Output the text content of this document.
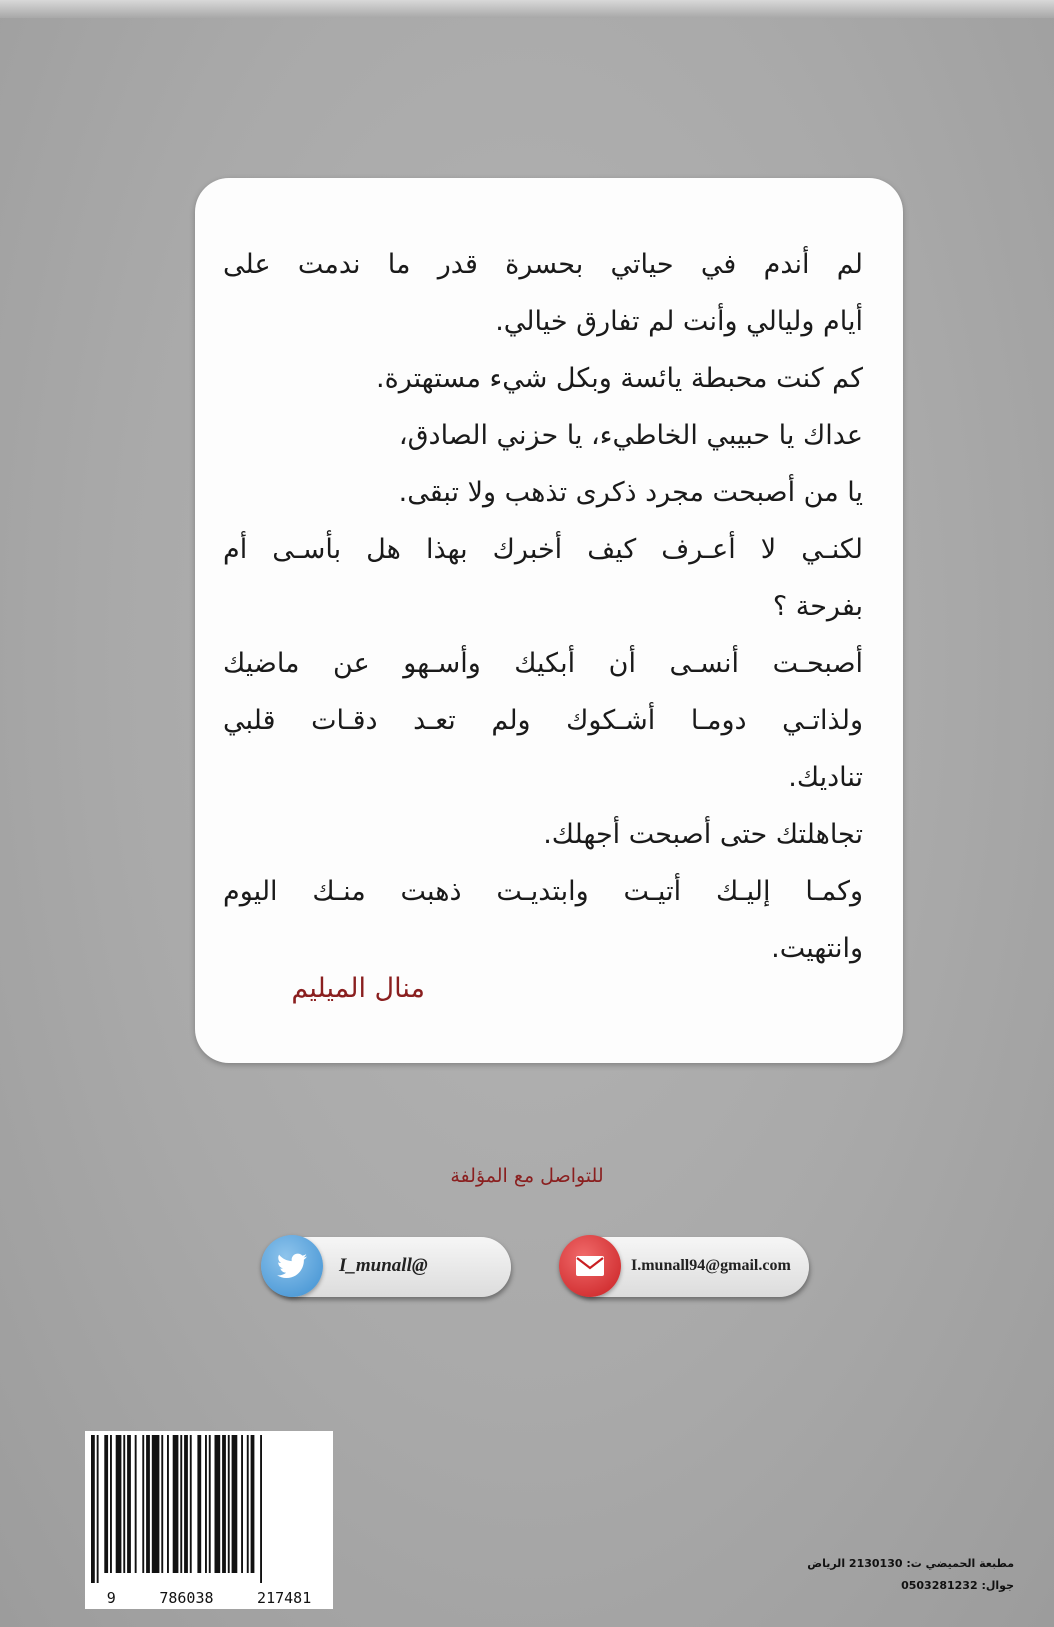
لم أندم في حياتي بحسرة قدر ما ندمت على
أيام وليالي وأنت لم تفارق خيالي.
كم كنت محبطة يائسة وبكل شيء مستهترة.
عداك يا حبيبي الخاطيء، يا حزني الصادق،
يا من أصبحت مجرد ذكرى تذهب ولا تبقى.
لكنـي لا أعـرف كيف أخبرك بهذا هل بأسـى أم
بفرحة ؟
أصبحـت أنسـى أن أبكيك وأسـهو عن ماضيك
ولذاتـي دومـا أشـكوك ولم تعـد دقـات قلبي
تناديك.
تجاهلتك حتى أصبحت أجهلك.
وكمـا إليـك أتيـت وابتديـت ذهبت منـك اليوم
وانتهيت.
منال الميليم
للتواصل مع المؤلفة
I_munall@	I.munall94@gmail.com
9	786038	217481
مطبعة الحميضي ت: 2130130 الرياض
جوال: 0503281232
